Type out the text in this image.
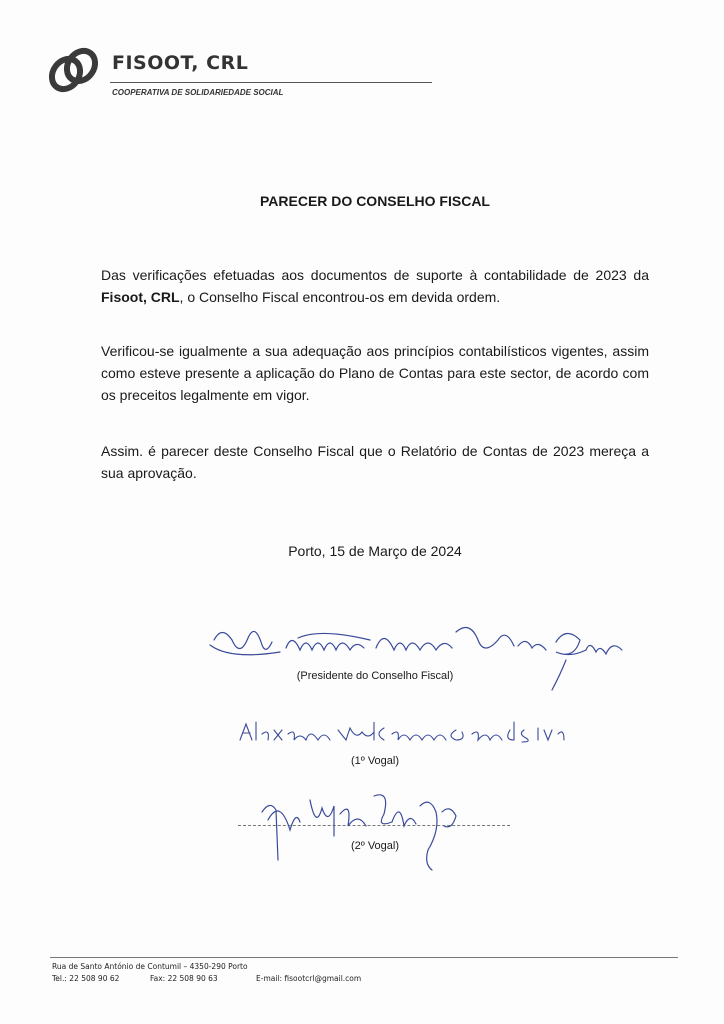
FISOOT, CRL
COOPERATIVA DE SOLIDARIEDADE SOCIAL
PARECER DO CONSELHO FISCAL
Das verificações efetuadas aos documentos de suporte à contabilidade de 2023 da Fisoot, CRL, o Conselho Fiscal encontrou-os em devida ordem.
Verificou-se igualmente a sua adequação aos princípios contabilísticos vigentes, assim como esteve presente a aplicação do Plano de Contas para este sector, de acordo com os preceitos legalmente em vigor.
Assim. é parecer deste Conselho Fiscal que o Relatório de Contas de 2023 mereça a sua aprovação.
Porto, 15 de Março de 2024
(Presidente do Conselho Fiscal)
(1º Vogal)
(2º Vogal)
Rua de Santo António de Contumil – 4350-290 Porto
Tel.: 22 508 90 62	Fax: 22 508 90 63	E-mail: fisootcrl@gmail.com
